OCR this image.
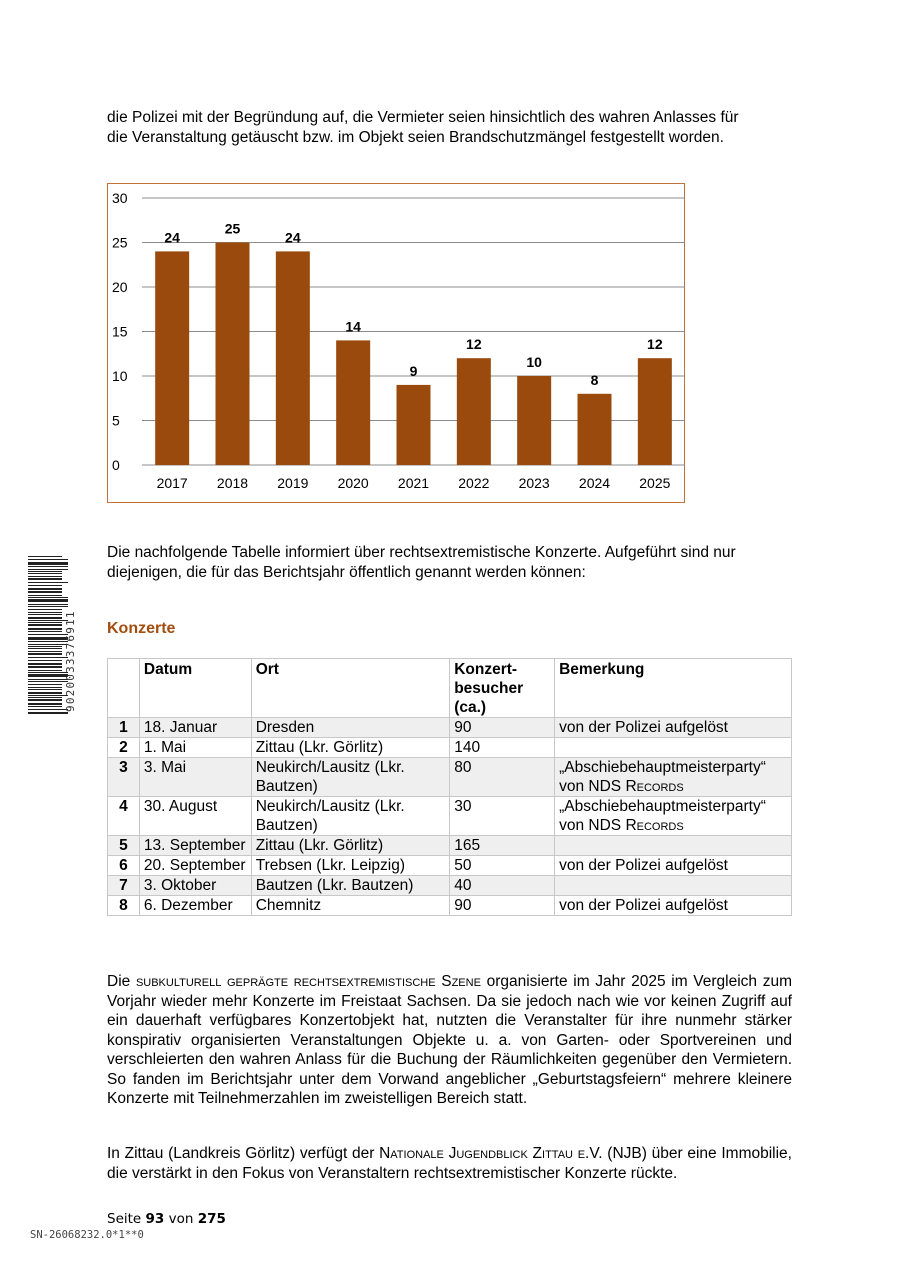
die Polizei mit der Begründung auf, die Vermieter seien hinsichtlich des wahren Anlasses für
die Veranstaltung getäuscht bzw. im Objekt seien Brandschutzmängel festgestellt worden.

0
5
10
15
20
25
30
24
2017
25
2018
24
2019
14
2020
9
2021
12
2022
10
2023
8
2024
12
2025

Die nachfolgende Tabelle informiert über rechtsextremistische Konzerte. Aufgeführt sind nur
diejenigen, die für das Berichtsjahr öffentlich genannt werden können:

Konzerte
	Datum	Ort	Konzert-besucher (ca.)	Bemerkung
1	18. Januar	Dresden	90	von der Polizei aufgelöst
2	1. Mai	Zittau (Lkr. Görlitz)	140	
3	3. Mai	Neukirch/Lausitz (Lkr. Bautzen)	80	„Abschiebehauptmeisterparty“ von NDS Records
4	30. August	Neukirch/Lausitz (Lkr. Bautzen)	30	„Abschiebehauptmeisterparty“ von NDS Records
5	13. September	Zittau (Lkr. Görlitz)	165	
6	20. September	Trebsen (Lkr. Leipzig)	50	von der Polizei aufgelöst
7	3. Oktober	Bautzen (Lkr. Bautzen)	40	
8	6. Dezember	Chemnitz	90	von der Polizei aufgelöst

Die subkulturell geprägte rechtsextremistische Szene organisierte im Jahr 2025 im Vergleich zum Vorjahr wieder mehr Konzerte im Freistaat Sachsen. Da sie jedoch nach wie vor keinen Zugriff auf ein dauerhaft verfügbares Konzertobjekt hat, nutzten die Veranstalter für ihre nunmehr stärker konspirativ organisierten Veranstaltungen Objekte u. a. von Garten- oder Sportvereinen und verschleierten den wahren Anlass für die Buchung der Räumlichkeiten gegenüber den Vermietern. So fanden im Berichtsjahr unter dem Vorwand angeblicher „Geburtstagsfeiern“ mehrere kleinere Konzerte mit Teilnehmerzahlen im zweistelligen Bereich statt.

In Zittau (Landkreis Görlitz) verfügt der Nationale Jugendblick Zittau e.V. (NJB) über eine Immobilie, die verstärkt in den Fokus von Veranstaltern rechtsextremistischer Konzerte rückte.

9020033376911
Seite 93 von 275
SN-26068232.0*1**0
